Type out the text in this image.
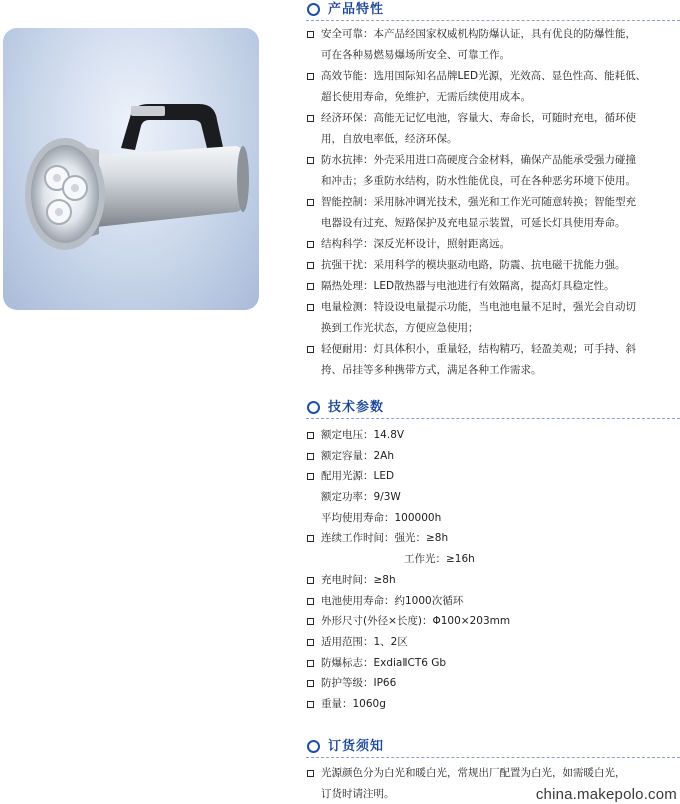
产品特性
安全可靠：本产品经国家权威机构防爆认证，具有优良的防爆性能，
可在各种易燃易爆场所安全、可靠工作。
高效节能：选用国际知名品牌LED光源，光效高、显色性高、能耗低、
超长使用寿命，免维护，无需后续使用成本。
经济环保：高能无记忆电池，容量大、寿命长，可随时充电，循环使
用，自放电率低，经济环保。
防水抗摔：外壳采用进口高硬度合金材料，确保产品能承受强力碰撞
和冲击；多重防水结构，防水性能优良，可在各种恶劣环境下使用。
智能控制：采用脉冲调光技术，强光和工作光可随意转换；智能型充
电器设有过充、短路保护及充电显示装置，可延长灯具使用寿命。
结构科学：深反光杯设计，照射距离远。
抗强干扰：采用科学的模块驱动电路，防震、抗电磁干扰能力强。
隔热处理：LED散热器与电池进行有效隔离，提高灯具稳定性。
电量检测：特设设电量提示功能，当电池电量不足时，强光会自动切
换到工作光状态，方便应急使用；
轻便耐用：灯具体积小，重量轻，结构精巧，轻盈美观；可手持、斜
挎、吊挂等多种携带方式，满足各种工作需求。
技术参数
额定电压：14.8V
额定容量：2Ah
配用光源：LED
额定功率：9/3W
平均使用寿命：100000h
连续工作时间：强光：≥8h
工作光：≥16h
充电时间：≥8h
电池使用寿命：约1000次循环
外形尺寸(外径×长度)：Φ100×203mm
适用范围：1、2区
防爆标志：ExdiaⅡCT6 Gb
防护等级：IP66
重量：1060g
订货须知
光源颜色分为白光和暖白光，常规出厂配置为白光，如需暖白光，
订货时请注明。	china.makepolo.com
